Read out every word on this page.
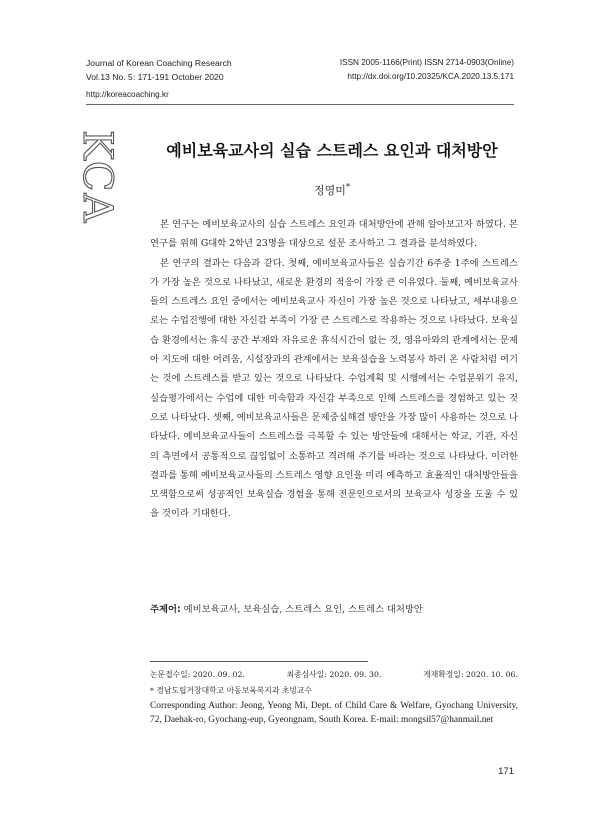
Journal of Korean Coaching Research
Vol.13 No. 5: 171-191 October 2020
ISSN 2005-1166(Print) ISSN 2714-0903(Online)
http://dx.doi.org/10.20325/KCA.2020.13.5.171
http://koreacoaching.kr
KCA	예비보육교사의 실습 스트레스 요인과 대처방안
정영미*

본 연구는 예비보육교사의 실습 스트레스 요인과 대처방안에 관해 알아보고자 하였다. 본 연구를 위해 G대학 2학년 23명을 대상으로 설문 조사하고 그 결과를 분석하였다.

본 연구의 결과는 다음과 같다. 첫째, 예비보육교사들은 실습기간 6주중 1주에 스트레스가 가장 높은 것으로 나타났고, 새로운 환경의 적응이 가장 큰 이유였다. 둘째, 예비보육교사들의 스트레스 요인 중에서는 예비보육교사 자신이 가장 높은 것으로 나타났고, 세부내용으로는 수업진행에 대한 자신감 부족이 가장 큰 스트레스로 작용하는 것으로 나타났다. 보육실습 환경에서는 휴식 공간 부재와 자유로운 휴식시간이 없는 것, 영유아와의 관계에서는 문제아 지도에 대한 어려움, 시설장과의 관계에서는 보육실습을 노력봉사 하러 온 사람처럼 여기는 것에 스트레스를 받고 있는 것으로 나타났다. 수업계획 및 시행에서는 수업분위기 유지, 실습평가에서는 수업에 대한 미숙함과 자신감 부족으로 인해 스트레스를 경험하고 있는 것으로 나타났다. 셋째, 예비보육교사들은 문제중심해결 방안을 가장 많이 사용하는 것으로 나타났다. 예비보육교사들이 스트레스를 극복할 수 있는 방안들에 대해서는 학교, 기관, 자신의 측면에서 공통적으로 끊임없이 소통하고 격려해 주기를 바라는 것으로 나타났다. 이러한 결과를 통해 예비보육교사들의 스트레스 영향 요인을 미리 예측하고 효율적인 대처방안들을 모색함으로써 성공적인 보육실습 경험을 통해 전문인으로서의 보육교사 성장을 도울 수 있을 것이라 기대한다.

주제어: 예비보육교사, 보육실습, 스트레스 요인, 스트레스 대처방안
논문접수일: 2020. 09. 02.	최종심사일: 2020. 09. 30.	게재확정일: 2020. 10. 06.
* 경남도립거창대학교 아동보육복지과 초빙교수
Corresponding Author: Jeong, Yeong Mi, Dept. of Child Care & Welfare, Gyochang University, 72, Daehak-ro, Gyochang-eup, Gyeongnam, South Korea. E-mail: mongsil57@hanmail.net
171
